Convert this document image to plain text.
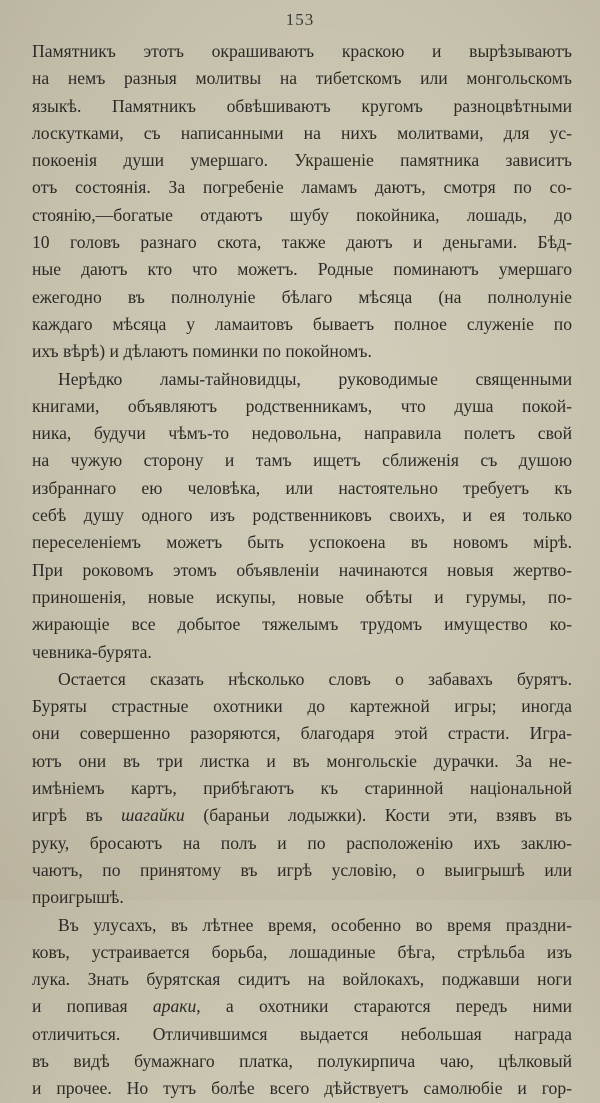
153
Памятникъ этотъ окрашиваютъ краскою и вырѣзываютъ
на немъ разныя молитвы на тибетскомъ или монгольскомъ
языкѣ. Памятникъ обвѣшиваютъ кругомъ разноцвѣтными
лоскутками, съ написанными на нихъ молитвами, для ус-
покоенія души умершаго. Украшеніе памятника зависитъ
отъ состоянія. За погребеніе ламамъ даютъ, смотря по со-
стоянію,—богатые отдаютъ шубу покойника, лошадь, до
10 головъ разнаго скота, также даютъ и деньгами. Бѣд-
ные даютъ кто что можетъ. Родные поминаютъ умершаго
ежегодно въ полнолуніе бѣлаго мѣсяца (на полнолуніе
каждаго мѣсяца у ламаитовъ бываетъ полное служеніе по
ихъ вѣрѣ) и дѣлаютъ поминки по покойномъ.
Нерѣдко ламы-тайновидцы, руководимые священными
книгами, объявляютъ родственникамъ, что душа покой-
ника, будучи чѣмъ-то недовольна, направила полетъ свой
на чужую сторону и тамъ ищетъ сближенія съ душою
избраннаго ею человѣка, или настоятельно требуетъ къ
себѣ душу одного изъ родственниковъ своихъ, и ея только
переселеніемъ можетъ быть успокоена въ новомъ мірѣ.
При роковомъ этомъ объявленіи начинаются новыя жертво-
приношенія, новые искупы, новые обѣты и гурумы, по-
жирающіе все добытое тяжелымъ трудомъ имущество ко-
чевника-бурята.
Остается сказать нѣсколько словъ о забавахъ бурятъ.
Буряты страстные охотники до картежной игры; иногда
они совершенно разоряются, благодаря этой страсти. Игра-
ютъ они въ три листка и въ монгольскіе дурачки. За не-
имѣніемъ картъ, прибѣгаютъ къ старинной національной
игрѣ въ шагайки (бараньи лодыжки). Кости эти, взявъ въ
руку, бросаютъ на полъ и по расположенію ихъ заклю-
чаютъ, по принятому въ игрѣ условію, о выигрышѣ или
проигрышѣ.
Въ улусахъ, въ лѣтнее время, особенно во время праздни-
ковъ, устраивается борьба, лошадиные бѣга, стрѣльба изъ
лука. Знать бурятская сидитъ на войлокахъ, поджавши ноги
и попивая араки, а охотники стараются передъ ними
отличиться. Отличившимся выдается небольшая награда
въ видѣ бумажнаго платка, полукирпича чаю, цѣлковый
и прочее. Но тутъ болѣе всего дѣйствуетъ самолюбіе и гор-
